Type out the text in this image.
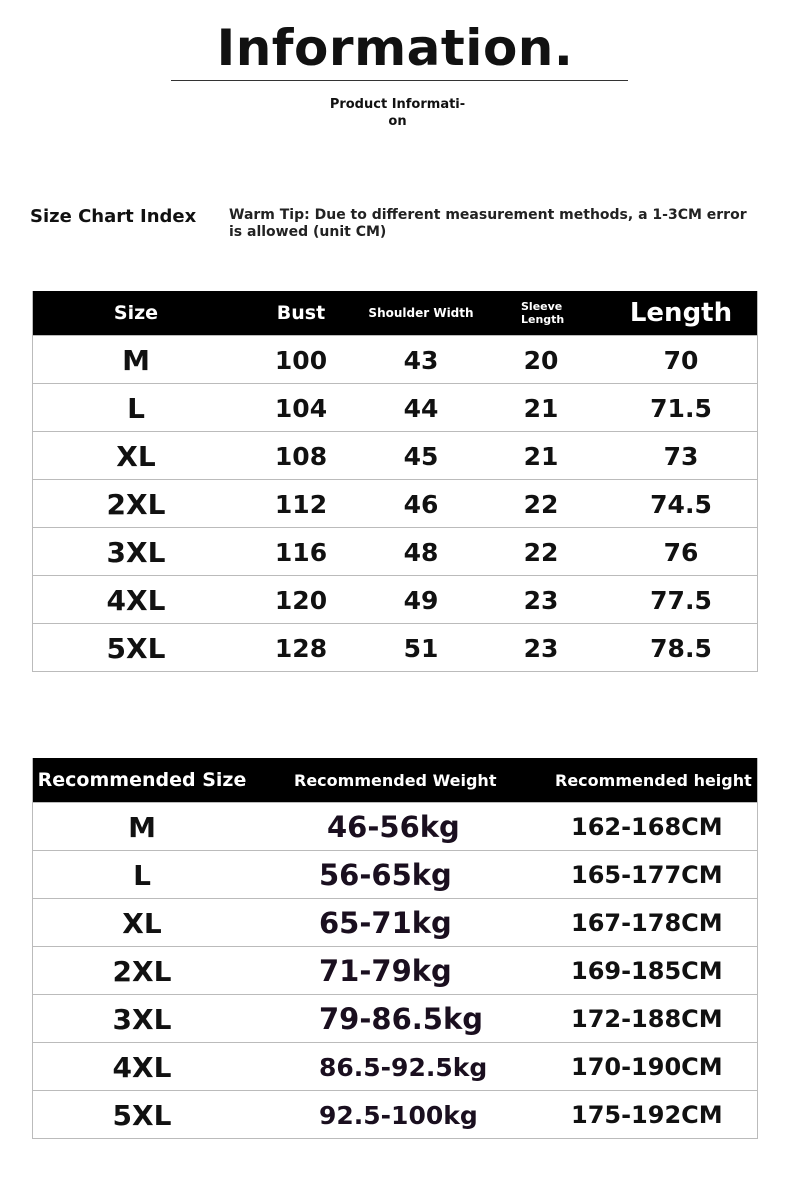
Information.
Product Informati-
on
Size Chart Index Warm Tip: Due to different measurement methods, a 1-3CM error is allowed (unit CM)
Size	Bust	Shoulder Width	Sleeve Length	Length
M	100	43	20	70
L	104	44	21	71.5
XL	108	45	21	73
2XL	112	46	22	74.5
3XL	116	48	22	76
4XL	120	49	23	77.5
5XL	128	51	23	78.5
Recommended Size	Recommended Weight	Recommended height
M	46-56kg	162-168CM
L	56-65kg	165-177CM
XL	65-71kg	167-178CM
2XL	71-79kg	169-185CM
3XL	79-86.5kg	172-188CM
4XL	86.5-92.5kg	170-190CM
5XL	92.5-100kg	175-192CM
